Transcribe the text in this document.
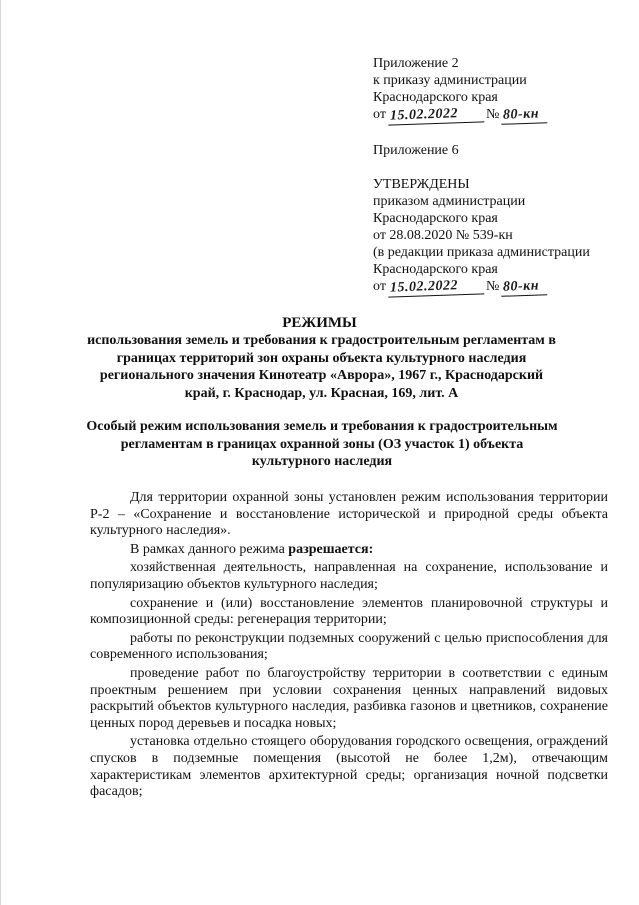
Приложение 2
к приказу администрации
Краснодарского края
от 15.02.2022 № 80-кн
Приложение 6
УТВЕРЖДЕНЫ
приказом администрации
Краснодарского края
от 28.08.2020 № 539-кн
(в редакции приказа администрации
Краснодарского края
от 15.02.2022 № 80-кн
РЕЖИМЫ
использования земель и требования к градостроительным регламентам в границах территорий зон охраны объекта культурного наследия регионального значения Кинотеатр «Аврора», 1967 г., Краснодарский край, г. Краснодар, ул. Красная, 169, лит. А
Особый режим использования земель и требования к градостроительным регламентам в границах охранной зоны (ОЗ участок 1) объекта культурного наследия

Для территории охранной зоны установлен режим использования территории Р-2 – «Сохранение и восстановление исторической и природной среды объекта культурного наследия».

В рамках данного режима разрешается:

хозяйственная деятельность, направленная на сохранение, использование и популяризацию объектов культурного наследия;

сохранение и (или) восстановление элементов планировочной структуры и композиционной среды: регенерация территории;

работы по реконструкции подземных сооружений с целью приспособления для современного использования;

проведение работ по благоустройству территории в соответствии с единым проектным решением при условии сохранения ценных направлений видовых раскрытий объектов культурного наследия, разбивка газонов и цветников, сохранение ценных пород деревьев и посадка новых;

установка отдельно стоящего оборудования городского освещения, ограждений спусков в подземные помещения (высотой не более 1,2м), отвечающим характеристикам элементов архитектурной среды; организация ночной подсветки фасадов;
